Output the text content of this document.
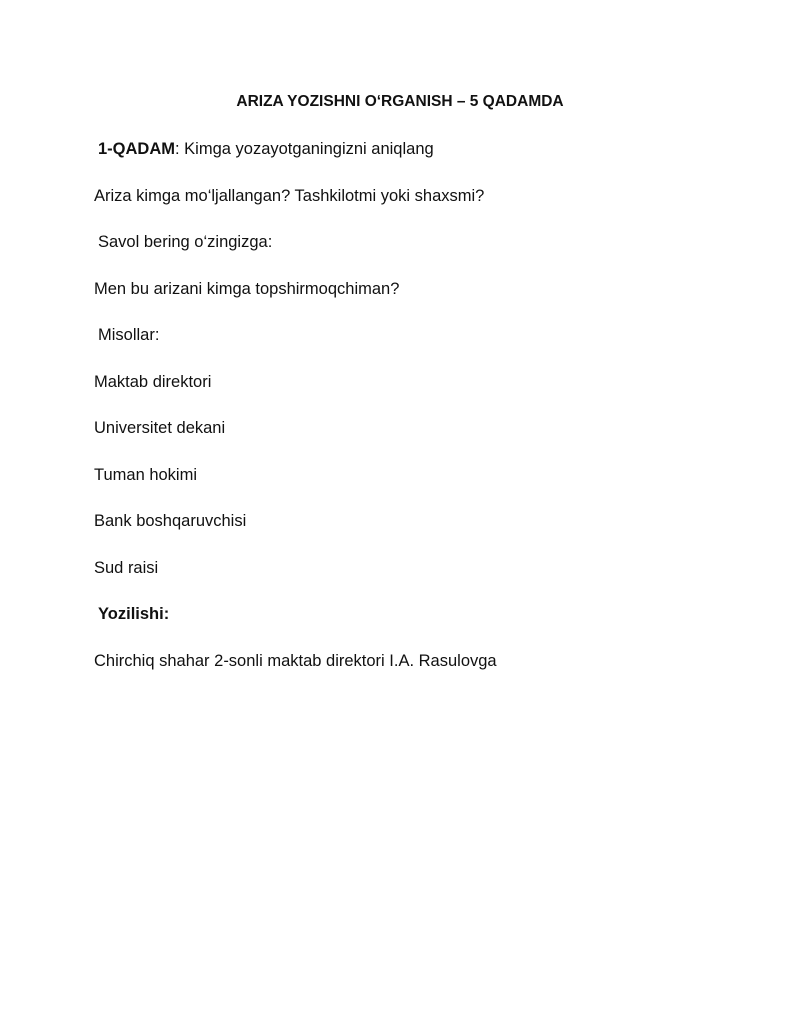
ARIZA YOZISHNI O‘RGANISH – 5 QADAMDA
1-QADAM: Kimga yozayotganingizni aniqlang
Ariza kimga mo‘ljallangan? Tashkilotmi yoki shaxsmi?
Savol bering o‘zingizga:
Men bu arizani kimga topshirmoqchiman?
Misollar:
Maktab direktori
Universitet dekani
Tuman hokimi
Bank boshqaruvchisi
Sud raisi
Yozilishi:
Chirchiq shahar 2-sonli maktab direktori I.A. Rasulovga
